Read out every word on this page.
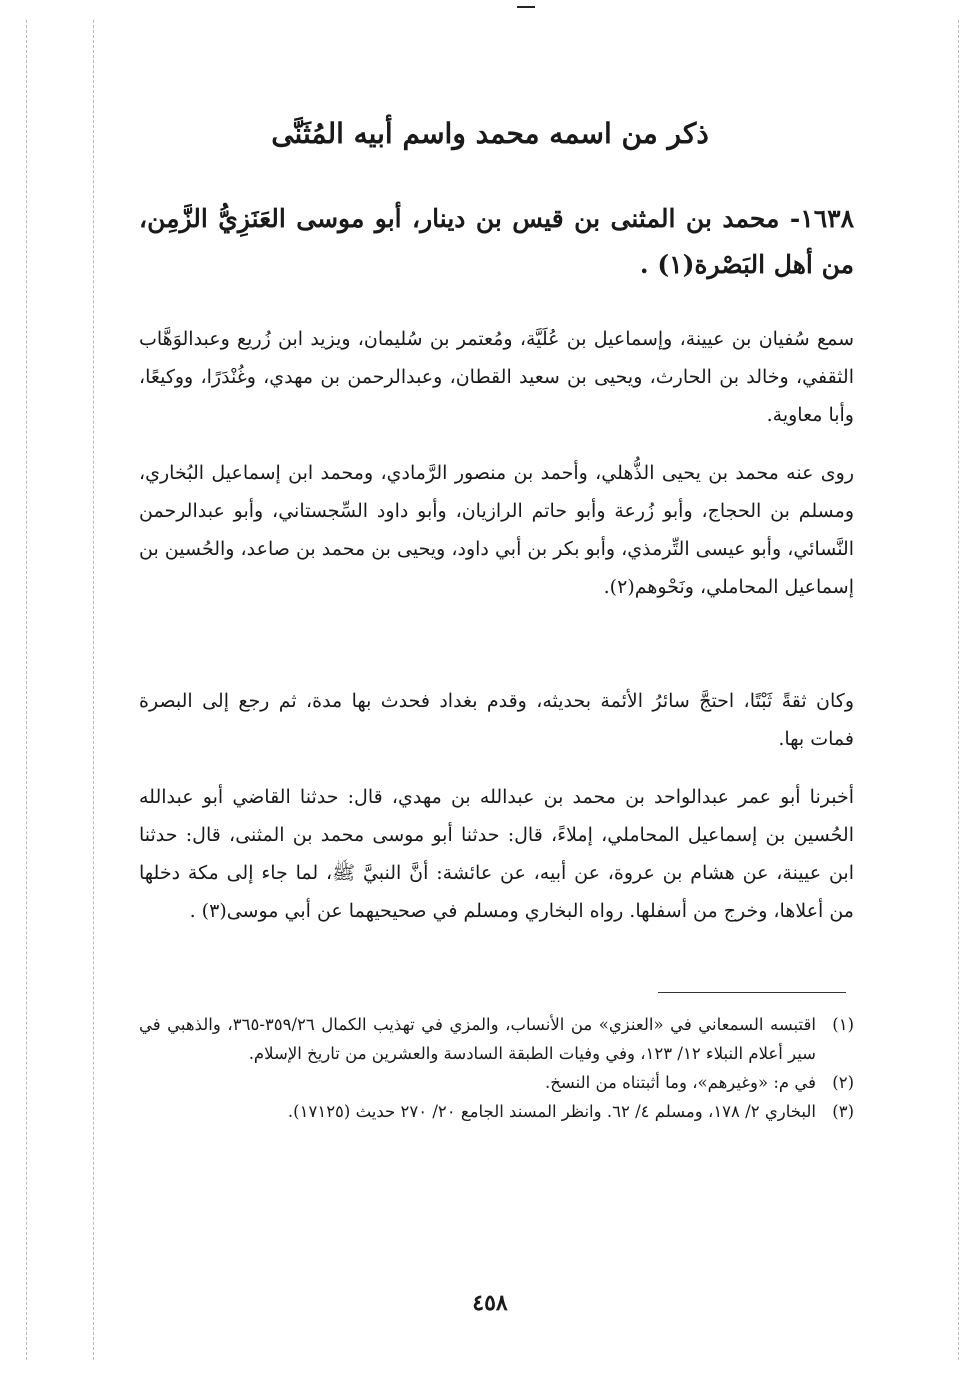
ذكر من اسمه محمد واسم أبيه المُثَنَّى
١٦٣٨- محمد بن المثنى بن قيس بن دينار، أبو موسى العَنَزِيُّ الزَّمِن، من أهل البَصْرة(١) .
سمع سُفيان بن عيينة، وإسماعيل بن عُلَيَّة، ومُعتمر بن سُليمان، ويزيد ابن زُريع وعبدالوَهَّاب الثقفي، وخالد بن الحارث، ويحيى بن سعيد القطان، وعبدالرحمن بن مهدي، وغُنْدَرًا، ووكيعًا، وأبا معاوية.
روى عنه محمد بن يحيى الذُّهلي، وأحمد بن منصور الرَّمادي، ومحمد ابن إسماعيل البُخاري، ومسلم بن الحجاج، وأبو زُرعة وأبو حاتم الرازيان، وأبو داود السِّجستاني، وأبو عبدالرحمن النَّسائي، وأبو عيسى التِّرمذي، وأبو بكر بن أبي داود، ويحيى بن محمد بن صاعد، والحُسين بن إسماعيل المحاملي، ونَحْوهم(٢).
وكان ثقةً ثَبْتًا، احتجَّ سائرُ الأئمة بحديثه، وقدم بغداد فحدث بها مدة، ثم رجع إلى البصرة فمات بها.
أخبرنا أبو عمر عبدالواحد بن محمد بن عبدالله بن مهدي، قال: حدثنا القاضي أبو عبدالله الحُسين بن إسماعيل المحاملي، إملاءً، قال: حدثنا أبو موسى محمد بن المثنى، قال: حدثنا ابن عيينة، عن هشام بن عروة، عن أبيه، عن عائشة: أنَّ النبيَّ ﷺ، لما جاء إلى مكة دخلها من أعلاها، وخرج من أسفلها. رواه البخاري ومسلم في صحيحيهما عن أبي موسى(٣) .
(١)
اقتبسه السمعاني في «العنزي» من الأنساب، والمزي في تهذيب الكمال ٣٥٩/٢٦-٣٦٥، والذهبي في سير أعلام النبلاء ١٢/ ١٢٣، وفي وفيات الطبقة السادسة والعشرين من تاريخ الإسلام.
(٢)
في م: «وغيرهم»، وما أثبتناه من النسخ.
(٣)
البخاري ٢/ ١٧٨، ومسلم ٤/ ٦٢. وانظر المسند الجامع ٢٠/ ٢٧٠ حديث (١٧١٢٥).
٤٥٨
